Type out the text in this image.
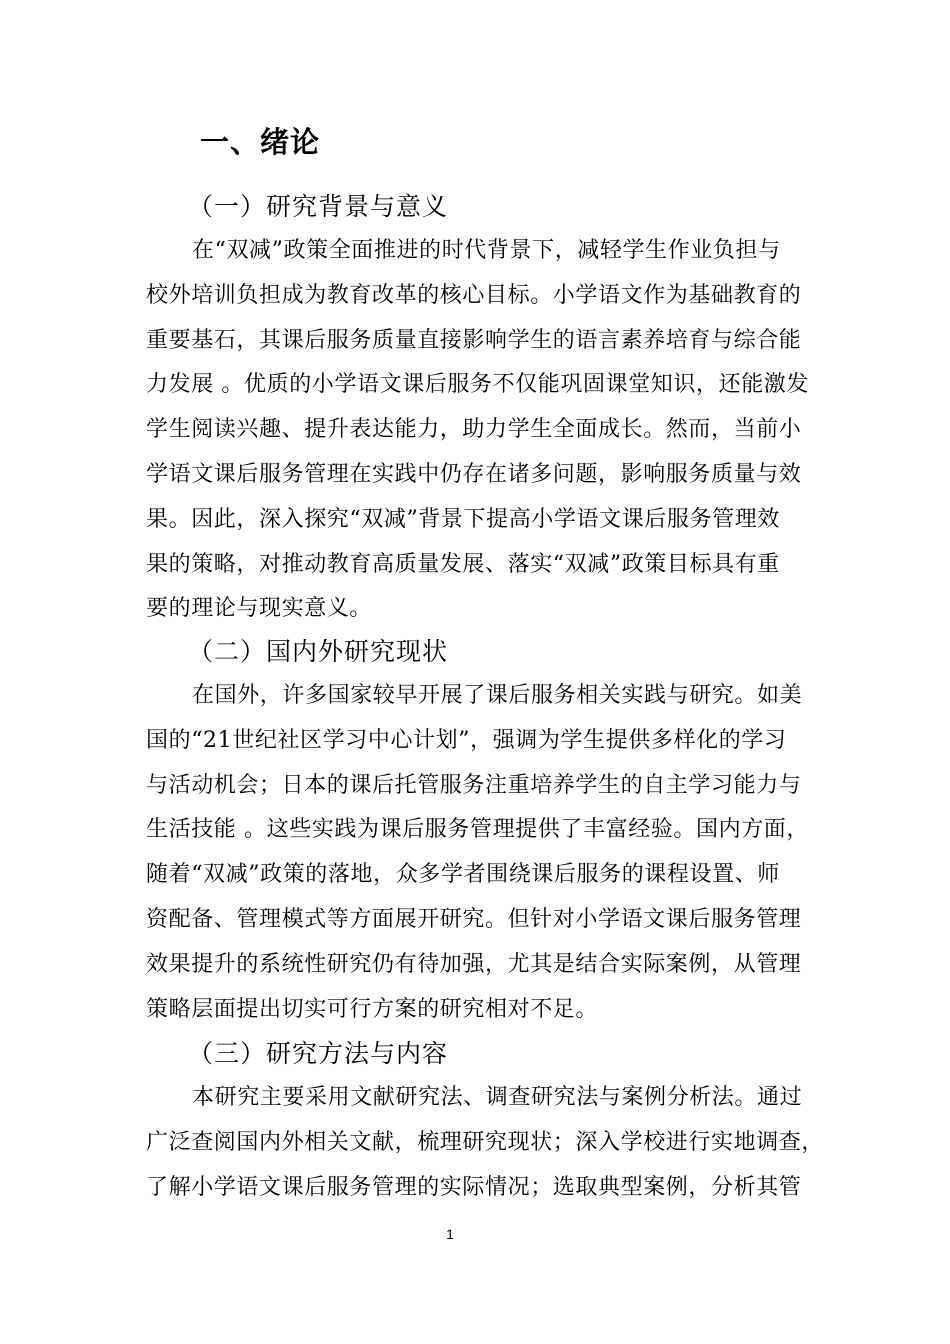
一、绪论
（一）研究背景与意义
在“双减”政策全面推进的时代背景下，减轻学生作业负担与
校外培训负担成为教育改革的核心目标。小学语文作为基础教育的
重要基石，其课后服务质量直接影响学生的语言素养培育与综合能
力发展 。优质的小学语文课后服务不仅能巩固课堂知识，还能激发
学生阅读兴趣、提升表达能力，助力学生全面成长。然而，当前小
学语文课后服务管理在实践中仍存在诸多问题，影响服务质量与效
果。因此，深入探究“双减”背景下提高小学语文课后服务管理效
果的策略，对推动教育高质量发展、落实“双减”政策目标具有重
要的理论与现实意义。
（二）国内外研究现状
在国外，许多国家较早开展了课后服务相关实践与研究。如美
国的“21世纪社区学习中心计划”，强调为学生提供多样化的学习
与活动机会；日本的课后托管服务注重培养学生的自主学习能力与
生活技能 。这些实践为课后服务管理提供了丰富经验。国内方面，
随着“双减”政策的落地，众多学者围绕课后服务的课程设置、师
资配备、管理模式等方面展开研究。但针对小学语文课后服务管理
效果提升的系统性研究仍有待加强，尤其是结合实际案例，从管理
策略层面提出切实可行方案的研究相对不足。
（三）研究方法与内容
本研究主要采用文献研究法、调查研究法与案例分析法。通过
广泛查阅国内外相关文献，梳理研究现状；深入学校进行实地调查，
了解小学语文课后服务管理的实际情况；选取典型案例，分析其管
1
